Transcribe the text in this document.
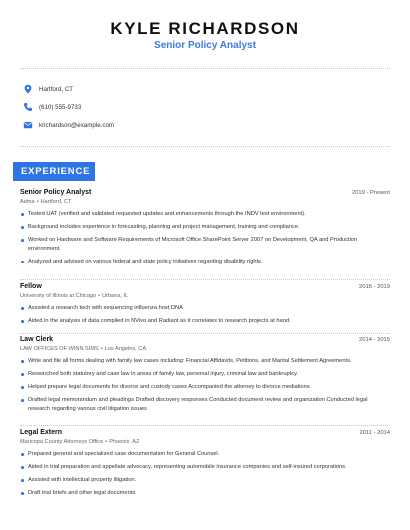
KYLE RICHARDSON
Senior Policy Analyst
Hartford, CT
(610) 555-9733
krichardson@example.com
EXPERIENCE
Senior Policy Analyst	2019 - Present
Aetna • Hartford, CT
Tested UAT (verified and validated requested updates and enhancements through the INDV test environment).
Background includes experience in forecasting, planning and project management, training and compliance.
Worked on Hardware and Software Requirements of Microsoft Office SharePoint Server 2007 on Development, QA and Production environment.
Analyzed and advised on various federal and state policy initiatives regarding disability rights.
Fellow	2015 - 2019
University of Illinois at Chicago • Urbana, IL
Assisted a research tech with sequencing influenza host DNA
Aided in the analysis of data compiled in NVivo and Radiant as it correlates to research projects at hand.
Law Clerk	2014 - 2015
LAW OFFICES OF WINN SIMS • Los Angeles, CA
Write and file all forms dealing with family law cases including: Financial Affidavits, Petitions, and Marital Settlement Agreements.
Researched both statutory and case law in areas of family law, personal injury, criminal law and bankruptcy.
Helped prepare legal documents for divorce and custody cases Accompanied the attorney to divorce mediations
Drafted legal memorandum and pleadings Drafted discovery responses Conducted document review and organization Conducted legal research regarding various civil litigation issues
Legal Extern	2011 - 2014
Maricopa County Attorneys Office • Phoenix, AZ
Prepared general and specialized case documentation for General Counsel.
Aided in trial preparation and appellate advocacy, representing automobile insurance companies and self-insured corporations.
Assisted with intellectual property litigation.
Draft trial briefs and other legal documents.
